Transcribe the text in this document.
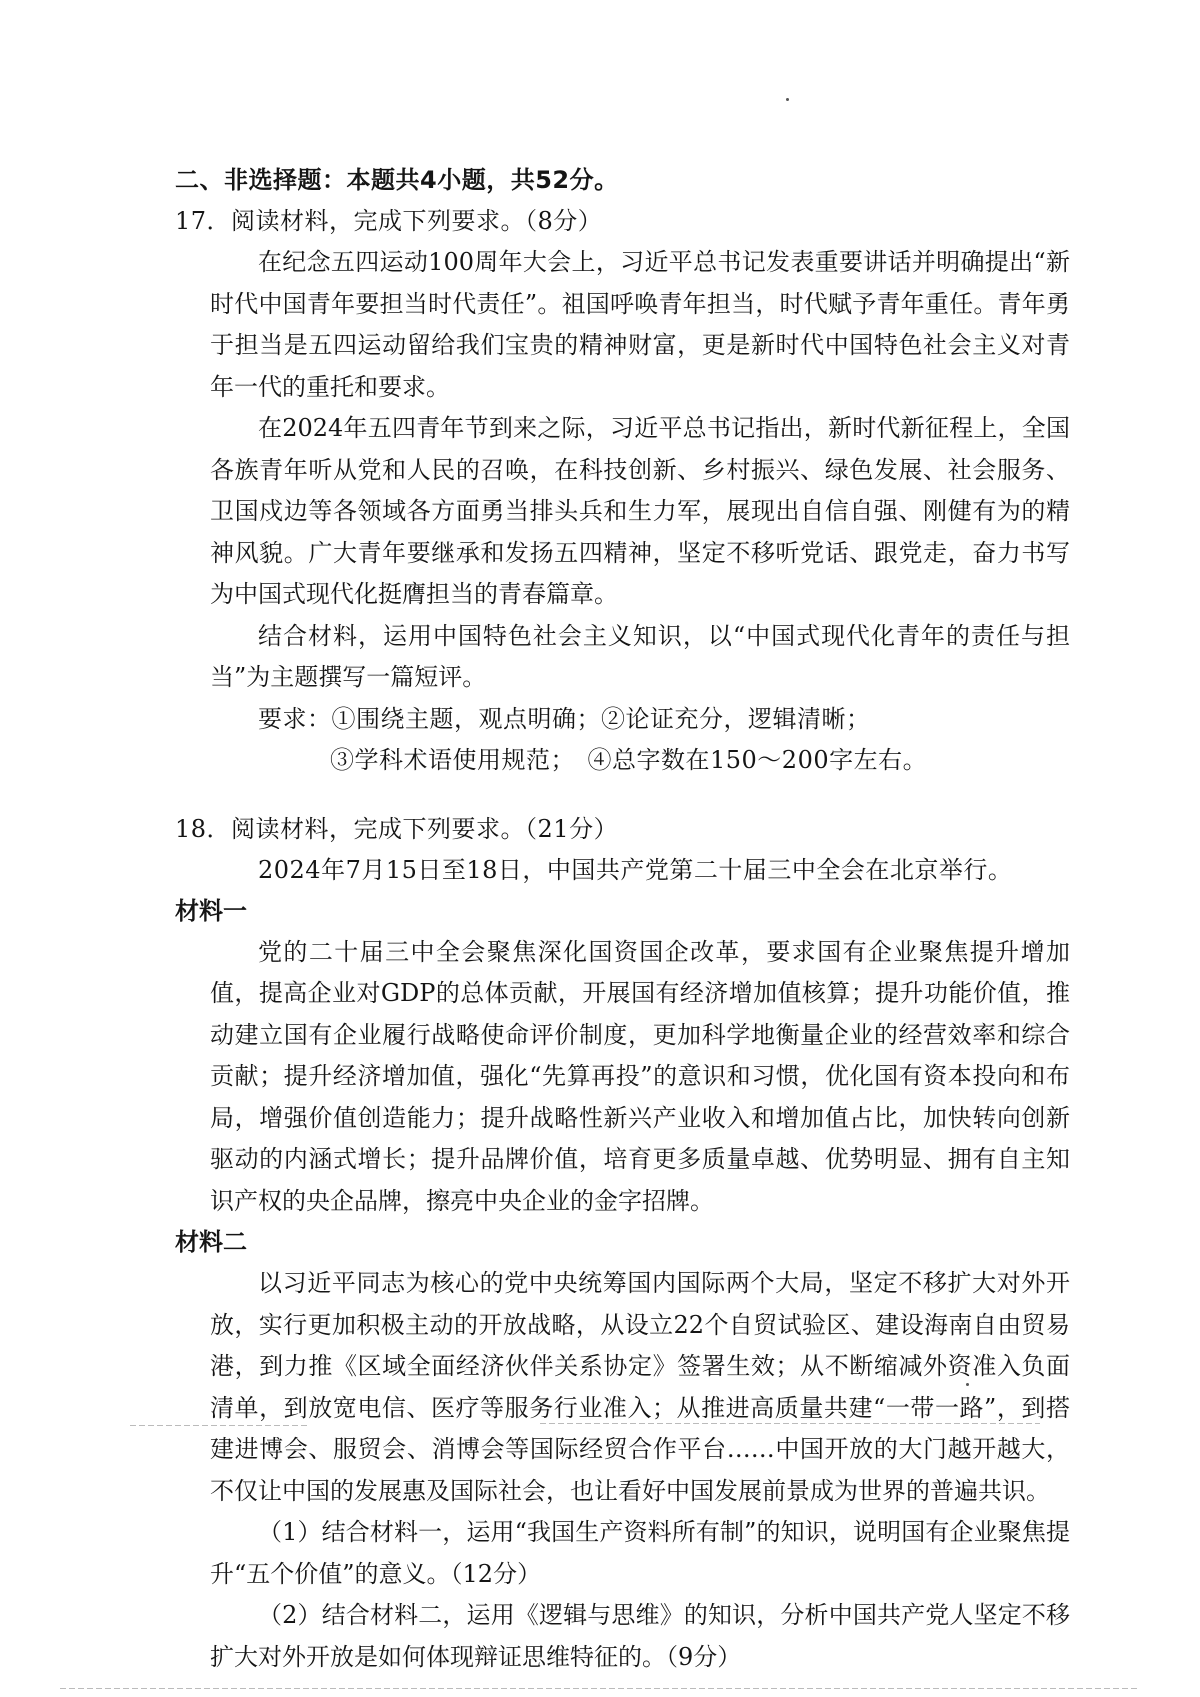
二、非选择题：本题共4小题，共52分。
17．阅读材料，完成下列要求。（8分）

在纪念五四运动100周年大会上，习近平总书记发表重要讲话并明确提出“新时代中国青年要担当时代责任”。祖国呼唤青年担当，时代赋予青年重任。青年勇于担当是五四运动留给我们宝贵的精神财富，更是新时代中国特色社会主义对青年一代的重托和要求。

在2024年五四青年节到来之际，习近平总书记指出，新时代新征程上，全国各族青年听从党和人民的召唤，在科技创新、乡村振兴、绿色发展、社会服务、卫国戍边等各领域各方面勇当排头兵和生力军，展现出自信自强、刚健有为的精神风貌。广大青年要继承和发扬五四精神，坚定不移听党话、跟党走，奋力书写为中国式现代化挺膺担当的青春篇章。

结合材料，运用中国特色社会主义知识，以“中国式现代化青年的责任与担当”为主题撰写一篇短评。

要求：①围绕主题，观点明确；②论证充分，逻辑清晰；
③学科术语使用规范；　④总字数在150～200字左右。
18．阅读材料，完成下列要求。（21分）
2024年7月15日至18日，中国共产党第二十届三中全会在北京举行。
材料一

党的二十届三中全会聚焦深化国资国企改革，要求国有企业聚焦提升增加值，提高企业对GDP的总体贡献，开展国有经济增加值核算；提升功能价值，推动建立国有企业履行战略使命评价制度，更加科学地衡量企业的经营效率和综合贡献；提升经济增加值，强化“先算再投”的意识和习惯，优化国有资本投向和布局，增强价值创造能力；提升战略性新兴产业收入和增加值占比，加快转向创新驱动的内涵式增长；提升品牌价值，培育更多质量卓越、优势明显、拥有自主知识产权的央企品牌，擦亮中央企业的金字招牌。

材料二

以习近平同志为核心的党中央统筹国内国际两个大局，坚定不移扩大对外开放，实行更加积极主动的开放战略，从设立22个自贸试验区、建设海南自由贸易港，到力推《区域全面经济伙伴关系协定》签署生效；从不断缩减外资准入负面清单，到放宽电信、医疗等服务行业准入；从推进高质量共建“一带一路”，到搭建进博会、服贸会、消博会等国际经贸合作平台……中国开放的大门越开越大，不仅让中国的发展惠及国际社会，也让看好中国发展前景成为世界的普遍共识。

（1）结合材料一，运用“我国生产资料所有制”的知识，说明国有企业聚焦提升“五个价值”的意义。（12分）

（2）结合材料二，运用《逻辑与思维》的知识，分析中国共产党人坚定不移扩大对外开放是如何体现辩证思维特征的。（9分）
